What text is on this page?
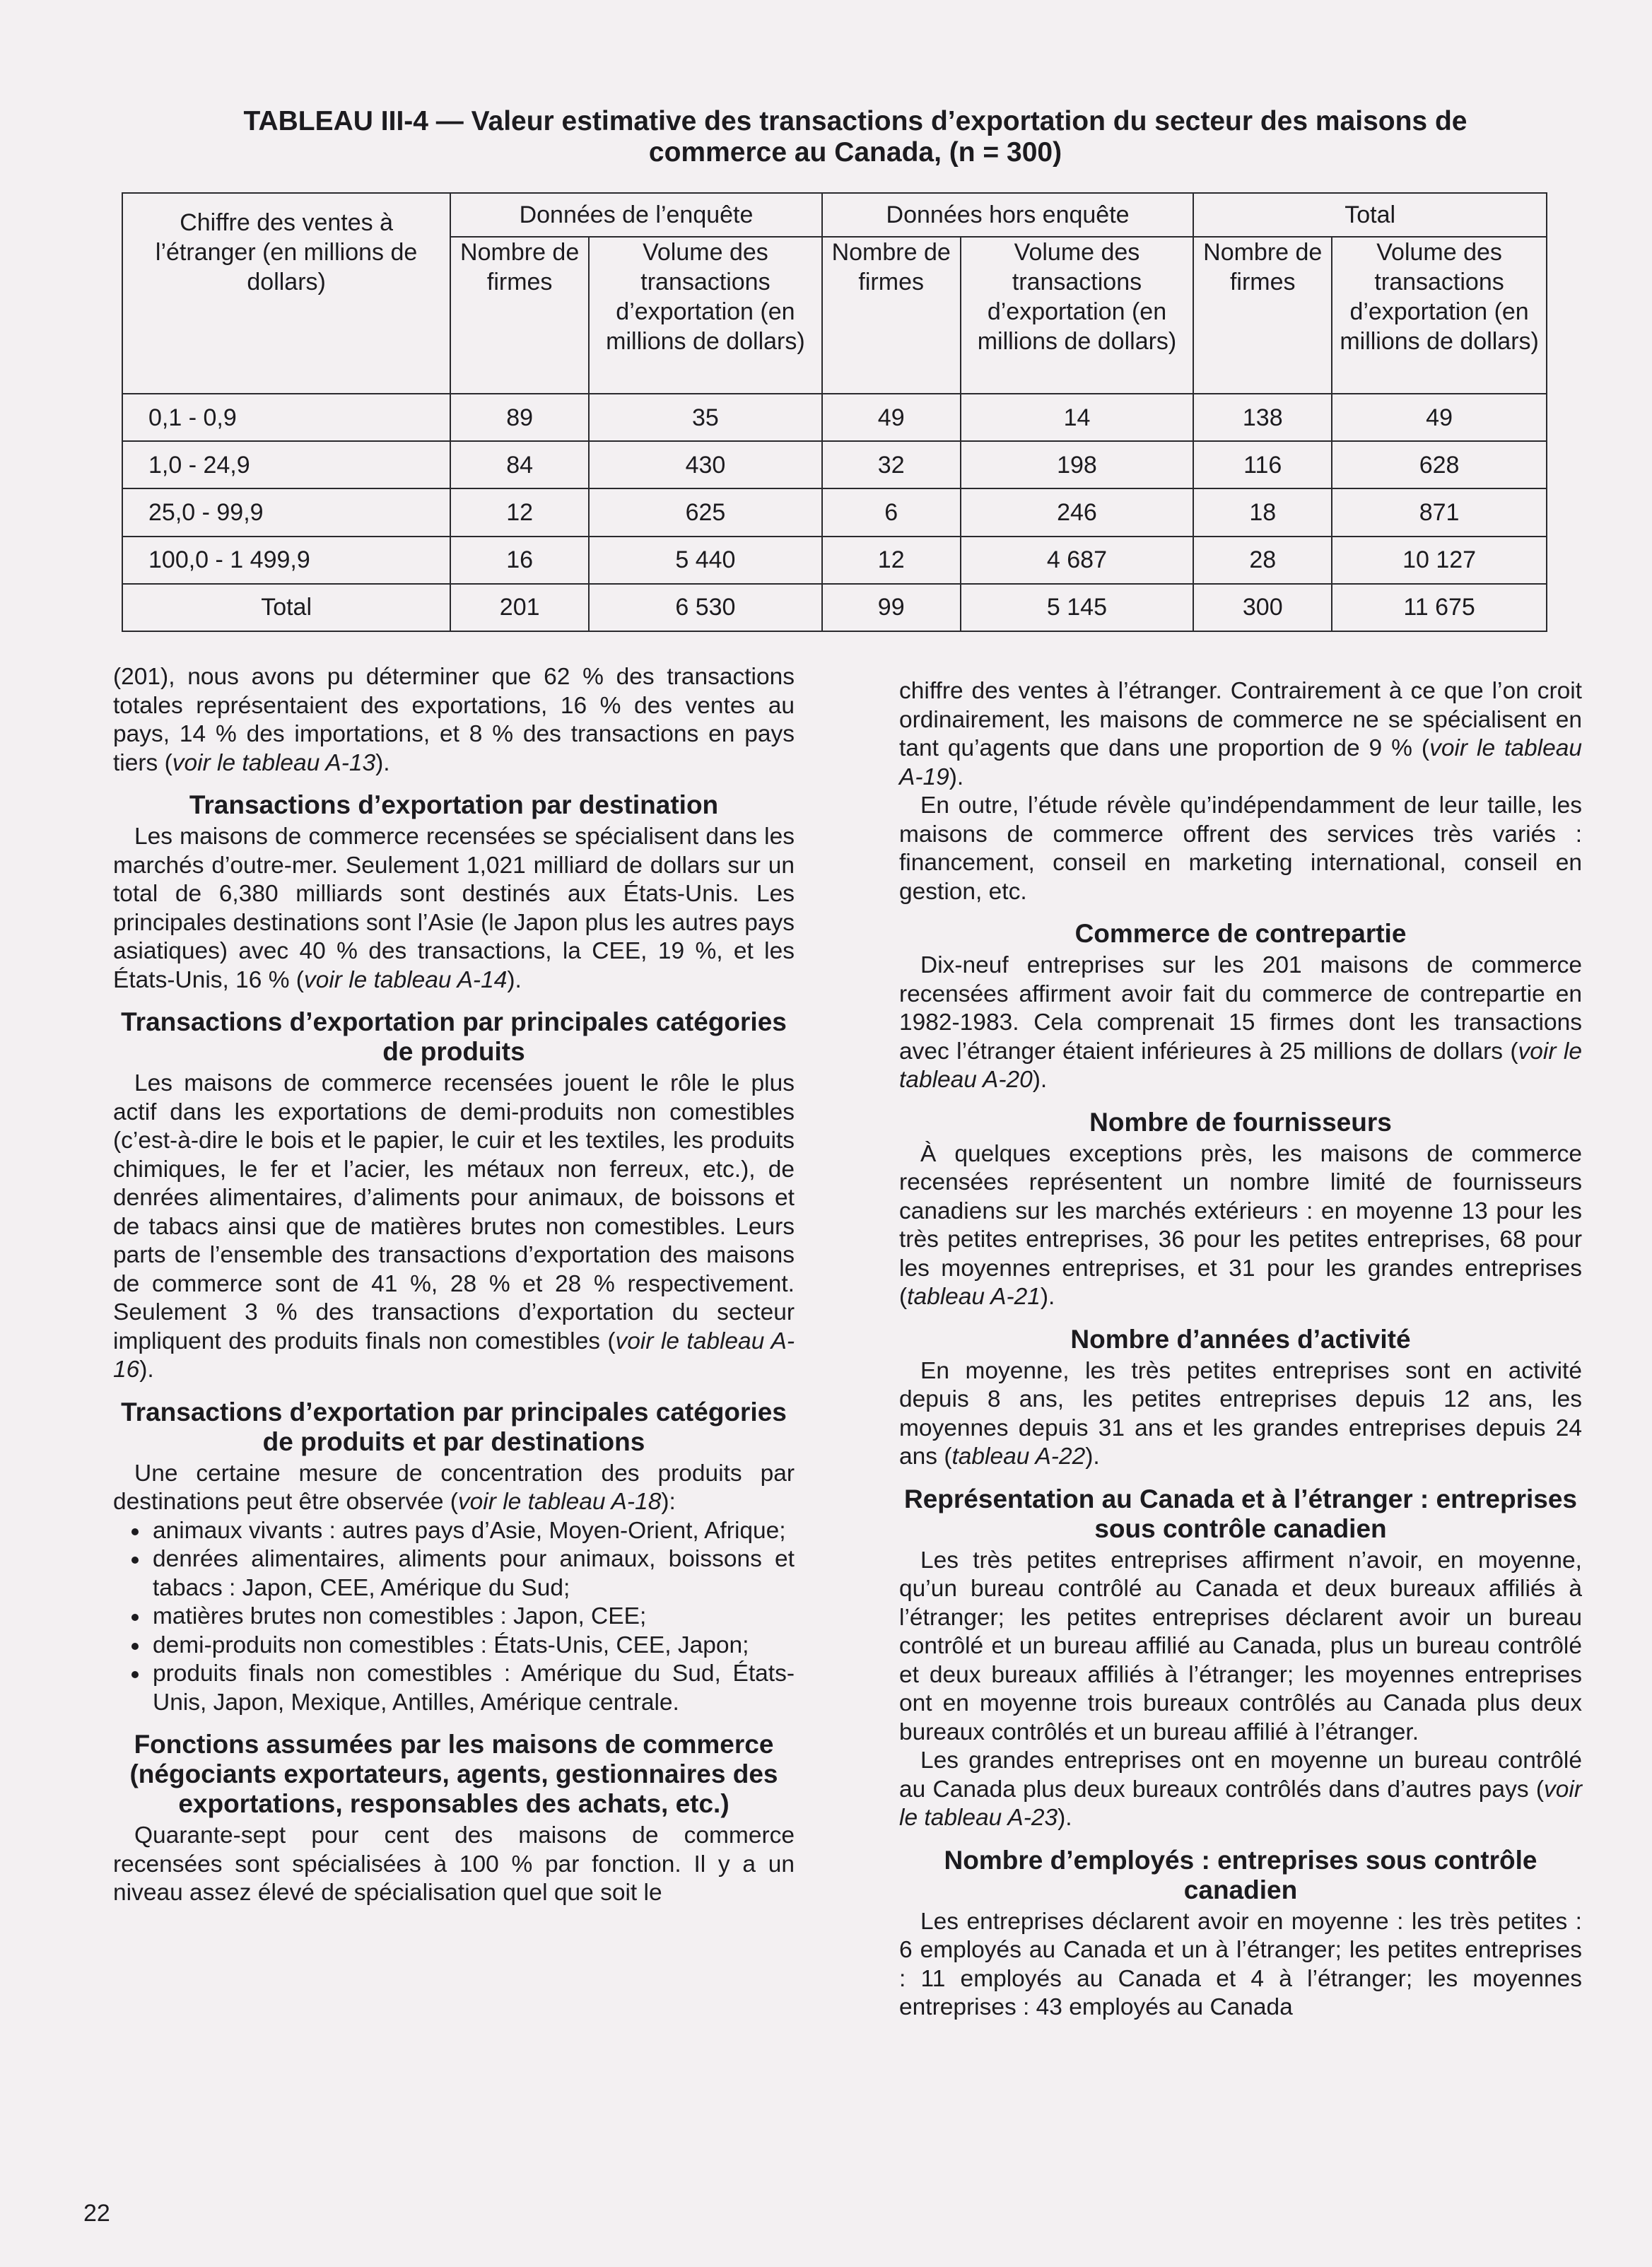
TABLEAU III-4 — Valeur estimative des transactions d’exportation du secteur des maisons de
commerce au Canada, (n = 300)
Chiffre des ventes à l’étranger (en millions de dollars)	Données de l’enquête		Données hors enquête		Total	
	Nombre de firmes	Volume des transactions d’exportation (en millions de dollars)	Nombre de firmes	Volume des transactions d’exportation (en millions de dollars)	Nombre de firmes	Volume des transactions d’exportation (en millions de dollars)
0,1 - 0,9	89	35	49	14	138	49
1,0 - 24,9	84	430	32	198	116	628
25,0 - 99,9	12	625	6	246	18	871
100,0 - 1 499,9	16	5 440	12	4 687	28	10 127
Total	201	6 530	99	5 145	300	11 675

(201), nous avons pu déterminer que 62 % des transactions totales représentaient des exportations, 16 % des ventes au pays, 14 % des importations, et 8 % des transactions en pays tiers (voir le tableau A-13).

Transactions d’exportation par destination

Les maisons de commerce recensées se spécialisent dans les marchés d’outre-mer. Seulement 1,021 milliard de dollars sur un total de 6,380 milliards sont destinés aux États-Unis. Les principales destinations sont l’Asie (le Japon plus les autres pays asiatiques) avec 40 % des transactions, la CEE, 19 %, et les États-Unis, 16 % (voir le tableau A-14).

Transactions d’exportation par principales catégories de produits

Les maisons de commerce recensées jouent le rôle le plus actif dans les exportations de demi-produits non comestibles (c’est-à-dire le bois et le papier, le cuir et les textiles, les produits chimiques, le fer et l’acier, les métaux non ferreux, etc.), de denrées alimentaires, d’aliments pour animaux, de boissons et de tabacs ainsi que de matières brutes non comestibles. Leurs parts de l’ensemble des transactions d’exportation des maisons de commerce sont de 41 %, 28 % et 28 % respectivement. Seulement 3 % des transactions d’exportation du secteur impliquent des produits finals non comestibles (voir le tableau A-16).

Transactions d’exportation par principales catégories de produits et par destinations

Une certaine mesure de concentration des produits par destinations peut être observée (voir le tableau A-18):

• animaux vivants : autres pays d’Asie, Moyen-Orient, Afrique;
• denrées alimentaires, aliments pour animaux, boissons et tabacs : Japon, CEE, Amérique du Sud;
• matières brutes non comestibles : Japon, CEE;
• demi-produits non comestibles : États-Unis, CEE, Japon;
• produits finals non comestibles : Amérique du Sud, États-Unis, Japon, Mexique, Antilles, Amérique centrale.
Fonctions assumées par les maisons de commerce (négociants exportateurs, agents, gestionnaires des exportations, responsables des achats, etc.)

Quarante-sept pour cent des maisons de commerce recensées sont spécialisées à 100 % par fonction. Il y a un niveau assez élevé de spécialisation quel que soit le

chiffre des ventes à l’étranger. Contrairement à ce que l’on croit ordinairement, les maisons de commerce ne se spécialisent en tant qu’agents que dans une proportion de 9 % (voir le tableau A-19).

En outre, l’étude révèle qu’indépendamment de leur taille, les maisons de commerce offrent des services très variés : financement, conseil en marketing international, conseil en gestion, etc.

Commerce de contrepartie

Dix-neuf entreprises sur les 201 maisons de commerce recensées affirment avoir fait du commerce de contrepartie en 1982-1983. Cela comprenait 15 firmes dont les transactions avec l’étranger étaient inférieures à 25 millions de dollars (voir le tableau A-20).

Nombre de fournisseurs

À quelques exceptions près, les maisons de commerce recensées représentent un nombre limité de fournisseurs canadiens sur les marchés extérieurs : en moyenne 13 pour les très petites entreprises, 36 pour les petites entreprises, 68 pour les moyennes entreprises, et 31 pour les grandes entreprises (tableau A-21).

Nombre d’années d’activité

En moyenne, les très petites entreprises sont en activité depuis 8 ans, les petites entreprises depuis 12 ans, les moyennes depuis 31 ans et les grandes entreprises depuis 24 ans (tableau A-22).

Représentation au Canada et à l’étranger : entreprises sous contrôle canadien

Les très petites entreprises affirment n’avoir, en moyenne, qu’un bureau contrôlé au Canada et deux bureaux affiliés à l’étranger; les petites entreprises déclarent avoir un bureau contrôlé et un bureau affilié au Canada, plus un bureau contrôlé et deux bureaux affiliés à l’étranger; les moyennes entreprises ont en moyenne trois bureaux contrôlés au Canada plus deux bureaux contrôlés et un bureau affilié à l’étranger.

Les grandes entreprises ont en moyenne un bureau contrôlé au Canada plus deux bureaux contrôlés dans d’autres pays (voir le tableau A-23).

Nombre d’employés : entreprises sous contrôle canadien

Les entreprises déclarent avoir en moyenne : les très petites : 6 employés au Canada et un à l’étranger; les petites entreprises : 11 employés au Canada et 4 à l’étranger; les moyennes entreprises : 43 employés au Canada

22
